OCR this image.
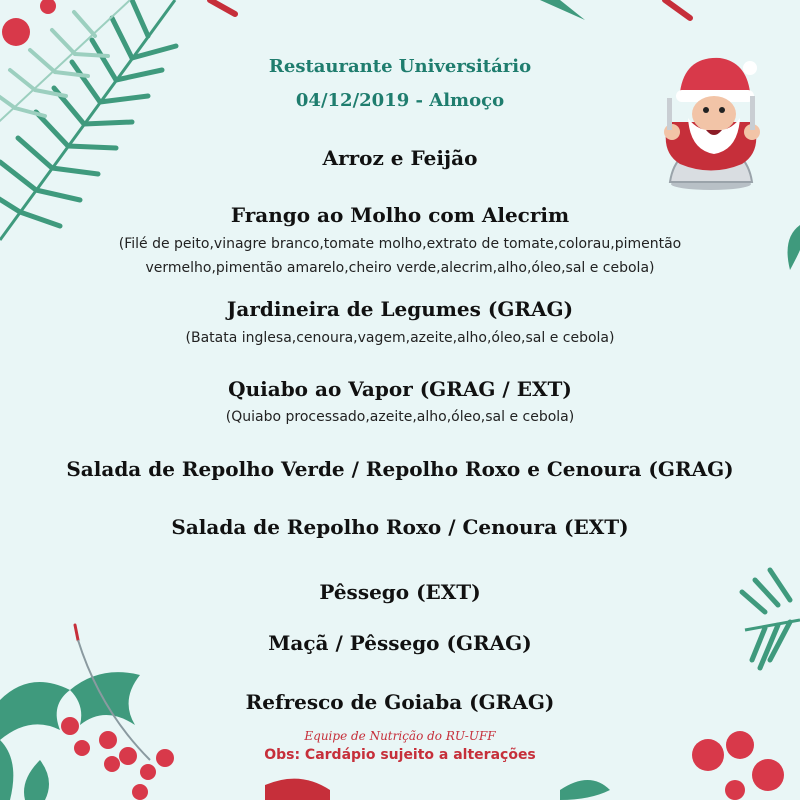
Restaurante Universitário
04/12/2019 - Almoço
Arroz e Feijão
Frango ao Molho com Alecrim
(Filé de peito,vinagre branco,tomate molho,extrato de tomate,colorau,pimentão
vermelho,pimentão amarelo,cheiro verde,alecrim,alho,óleo,sal e cebola)
Jardineira de Legumes (GRAG)
(Batata inglesa,cenoura,vagem,azeite,alho,óleo,sal e cebola)
Quiabo ao Vapor (GRAG / EXT)
(Quiabo processado,azeite,alho,óleo,sal e cebola)
Salada de Repolho Verde / Repolho Roxo e Cenoura (GRAG)
Salada de Repolho Roxo / Cenoura (EXT)
Pêssego (EXT)
Maçã / Pêssego (GRAG)
Refresco de Goiaba (GRAG)
Equipe de Nutrição do RU-UFF
Obs: Cardápio sujeito a alterações
